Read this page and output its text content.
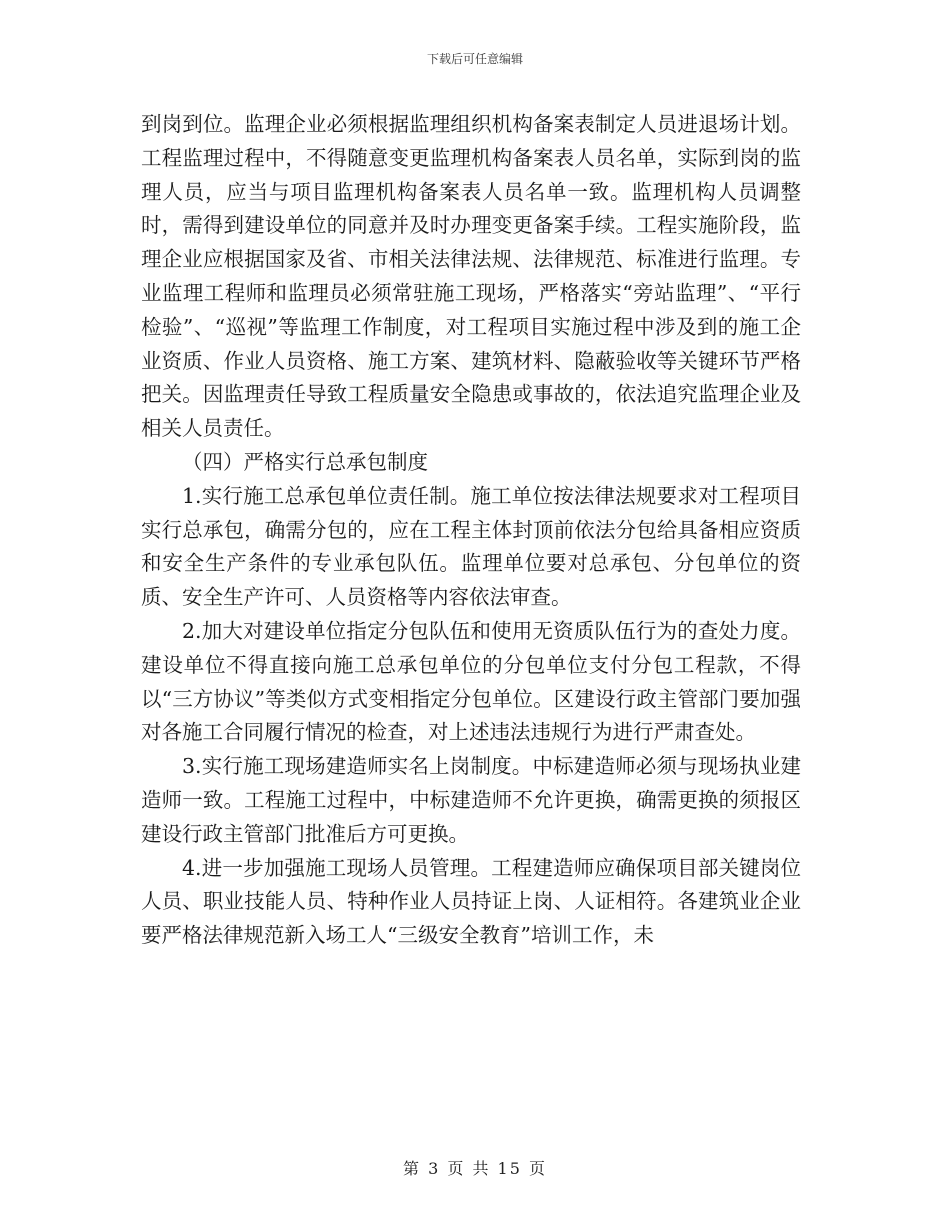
下载后可任意编辑

到岗到位。监理企业必须根据监理组织机构备案表制定人员进退场计划。工程监理过程中，不得随意变更监理机构备案表人员名单，实际到岗的监理人员，应当与项目监理机构备案表人员名单一致。监理机构人员调整时，需得到建设单位的同意并及时办理变更备案手续。工程实施阶段，监理企业应根据国家及省、市相关法律法规、法律规范、标准进行监理。专业监理工程师和监理员必须常驻施工现场，严格落实“旁站监理”、“平行检验”、“巡视”等监理工作制度，对工程项目实施过程中涉及到的施工企业资质、作业人员资格、施工方案、建筑材料、隐蔽验收等关键环节严格把关。因监理责任导致工程质量安全隐患或事故的，依法追究监理企业及相关人员责任。

（四）严格实行总承包制度

1.实行施工总承包单位责任制。施工单位按法律法规要求对工程项目实行总承包，确需分包的，应在工程主体封顶前依法分包给具备相应资质和安全生产条件的专业承包队伍。监理单位要对总承包、分包单位的资质、安全生产许可、人员资格等内容依法审查。

2.加大对建设单位指定分包队伍和使用无资质队伍行为的查处力度。建设单位不得直接向施工总承包单位的分包单位支付分包工程款，不得以“三方协议”等类似方式变相指定分包单位。区建设行政主管部门要加强对各施工合同履行情况的检查，对上述违法违规行为进行严肃查处。

3.实行施工现场建造师实名上岗制度。中标建造师必须与现场执业建造师一致。工程施工过程中，中标建造师不允许更换，确需更换的须报区建设行政主管部门批准后方可更换。

4.进一步加强施工现场人员管理。工程建造师应确保项目部关键岗位人员、职业技能人员、特种作业人员持证上岗、人证相符。各建筑业企业要严格法律规范新入场工人“三级安全教育”培训工作，未

第 3 页 共 15 页
